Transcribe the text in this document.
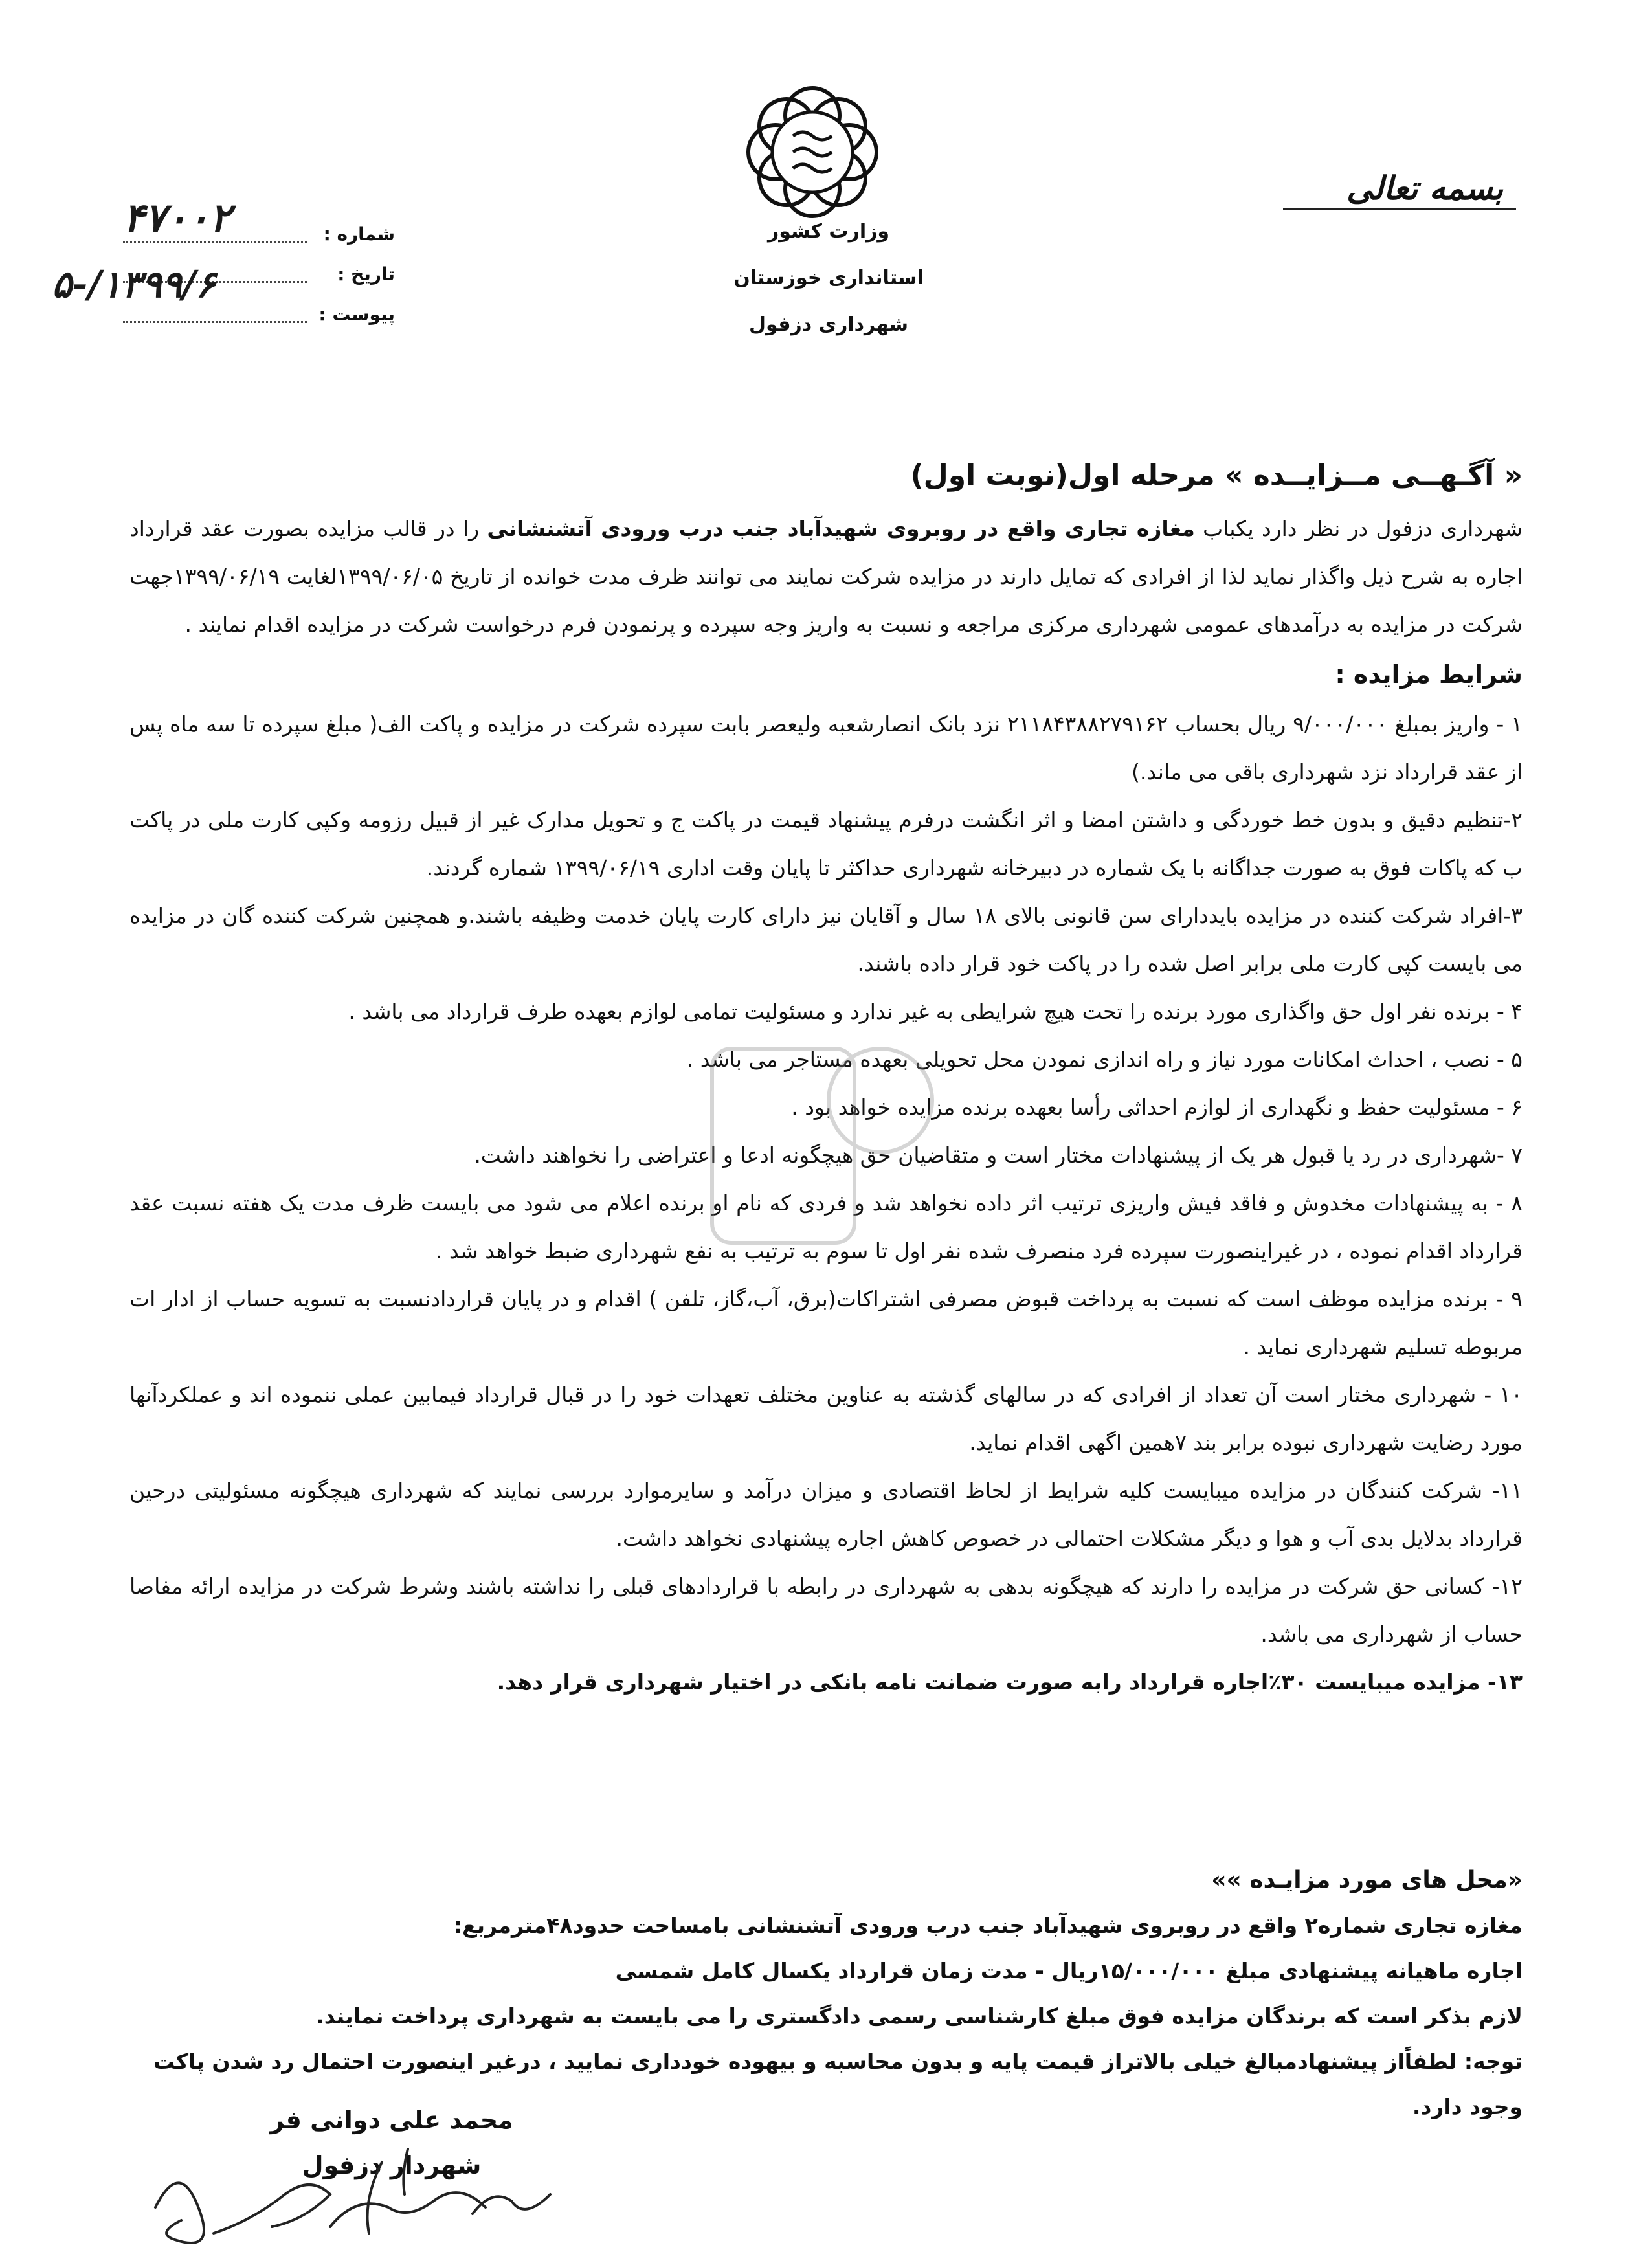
بسمه تعالی
وزارت کشور
استانداری خوزستان
شهرداری دزفول
شماره :
تاریخ :
پیوست :
۴۷۰۰۲
۱۳۹۹/۶/-۵
« آگـهــی مــزایــده » مرحله اول(نوبت اول)

شهرداری دزفول در نظر دارد یکباب مغازه تجاری واقع در روبروی شهیدآباد جنب درب ورودی آتشنشانی را در قالب مزایده بصورت عقد قرارداد اجاره به شرح ذیل واگذار نماید لذا از افرادی که تمایل دارند در مزایده شرکت نمایند می توانند ظرف مدت خوانده از تاریخ ۱۳۹۹/۰۶/۰۵لغایت ۱۳۹۹/۰۶/۱۹جهت شرکت در مزایده به درآمدهای عمومی شهرداری مرکزی مراجعه و نسبت به واریز وجه سپرده و پرنمودن فرم درخواست شرکت در مزایده اقدام نمایند .

شرایط مزایده :

۱ - واریز بمبلغ ۹/۰۰۰/۰۰۰ ریال بحساب ۲۱۱۸۴۳۸۸۲۷۹۱۶۲ نزد بانک انصارشعبه ولیعصر بابت سپرده شرکت در مزایده و پاکت الف( مبلغ سپرده تا سه ماه پس از عقد قرارداد نزد شهرداری باقی می ماند.)

۲-تنظیم دقیق و بدون خط خوردگی و داشتن امضا و اثر انگشت درفرم پیشنهاد قیمت در پاکت ج و تحویل مدارک غیر از قبیل رزومه وکپی کارت ملی در پاکت ب که پاکات فوق به صورت جداگانه با یک شماره در دبیرخانه شهرداری حداکثر تا پایان وقت اداری ۱۳۹۹/۰۶/۱۹ شماره گردند.

۳-افراد شرکت کننده در مزایده بایددارای سن قانونی بالای ۱۸ سال و آقایان نیز دارای کارت پایان خدمت وظیفه باشند.و همچنین شرکت کننده گان در مزایده می بایست کپی کارت ملی برابر اصل شده را در پاکت خود قرار داده باشند.

۴ - برنده نفر اول حق واگذاری مورد برنده را تحت هیچ شرایطی به غیر ندارد و مسئولیت تمامی لوازم بعهده طرف قرارداد می باشد .

۵ - نصب ، احداث امکانات مورد نیاز و راه اندازی نمودن محل تحویلی بعهده مستاجر می باشد .

۶ - مسئولیت حفظ و نگهداری از لوازم احداثی رأسا بعهده برنده مزایده خواهد بود .

۷ -شهرداری در رد یا قبول هر یک از پیشنهادات مختار است و متقاضیان حق هیچگونه ادعا و اعتراضی را نخواهند داشت.

۸ - به پیشنهادات مخدوش و فاقد فیش واریزی ترتیب اثر داده نخواهد شد و فردی که نام او برنده اعلام می شود می بایست ظرف مدت یک هفته نسبت عقد قرارداد اقدام نموده ، در غیراینصورت سپرده فرد منصرف شده نفر اول تا سوم به ترتیب به نفع شهرداری ضبط خواهد شد .

۹ - برنده مزایده موظف است که نسبت به پرداخت قبوض مصرفی اشتراکات(برق، آب،گاز، تلفن ) اقدام و در پایان قراردادنسبت به تسویه حساب از ادار ات مربوطه تسلیم شهرداری نماید .

۱۰ - شهرداری مختار است آن تعداد از افرادی که در سالهای گذشته به عناوین مختلف تعهدات خود را در قبال قرارداد فیمابین عملی ننموده اند و عملکردآنها مورد رضایت شهرداری نبوده برابر بند ۷همین اگهی اقدام نماید.

۱۱- شرکت کنندگان در مزایده میبایست کلیه شرایط از لحاظ اقتصادی و میزان درآمد و سایرموارد بررسی نمایند که شهرداری هیچگونه مسئولیتی درحین قرارداد بدلایل بدی آب و هوا و دیگر مشکلات احتمالی در خصوص کاهش اجاره پیشنهادی نخواهد داشت.

۱۲- کسانی حق شرکت در مزایده را دارند که هیچگونه بدهی به شهرداری در رابطه با قراردادهای قبلی را نداشته باشند وشرط شرکت در مزایده ارائه مفاصا حساب از شهرداری می باشد.

۱۳- مزایده میبایست ۳۰٪اجاره قرارداد رابه صورت ضمانت نامه بانکی در اختیار شهرداری قرار دهد.

«محل های مورد مزایـده »»
مغازه تجاری شماره۲ واقع در روبروی شهیدآباد جنب درب ورودی آتشنشانی بامساحت حدود۴۸مترمربع:
اجاره ماهیانه پیشنهادی مبلغ ۱۵/۰۰۰/۰۰۰ریال - مدت زمان قرارداد یکسال کامل شمسی
لازم بذکر است که برندگان مزایده فوق مبلغ کارشناسی رسمی دادگستری را می بایست به شهرداری پرداخت نمایند.
توجه: لطفاًاز پیشنهادمبالغ خیلی بالاتراز قیمت پایه و بدون محاسبه و بیهوده خودداری نمایید ، درغیر اینصورت احتمال رد شدن پاکت وجود دارد.
محمد علی دوانی فر
شهردار دزفول
